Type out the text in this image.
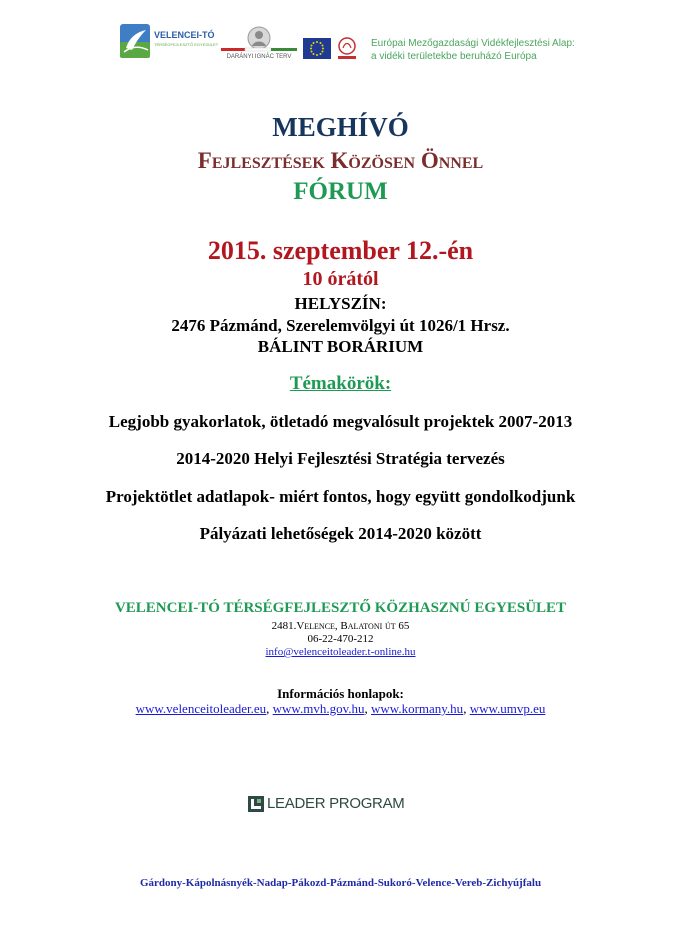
VELENCEI-TÓ
TÉRSÉGFEJLESZTŐ EGYESÜLET
DARÁNYI IGNÁC TERV
Európai Mezőgazdasági Vidékfejlesztési Alap:
a vidéki területekbe beruházó Európa
MEGHÍVÓ
Fejlesztések Közösen Önnel
FÓRUM
2015. szeptember 12.-én
10 órától
HELYSZÍN:
2476 Pázmánd, Szerelemvölgyi út 1026/1 Hrsz.
BÁLINT BORÁRIUM
Témakörök:
Legjobb gyakorlatok, ötletadó megvalósult projektek 2007-2013
2014-2020 Helyi Fejlesztési Stratégia tervezés
Projektötlet adatlapok- miért fontos, hogy együtt gondolkodjunk
Pályázati lehetőségek 2014-2020 között
VELENCEI-TÓ TÉRSÉGFEJLESZTŐ KÖZHASZNÚ EGYESÜLET
2481.Velence, Balatoni út 65
06-22-470-212
info@velenceitoleader.t-online.hu
Információs honlapok:
www.velenceitoleader.eu, www.mvh.gov.hu, www.kormany.hu, www.umvp.eu
LEADER PROGRAM
Gárdony-Kápolnásnyék-Nadap-Pákozd-Pázmánd-Sukoró-Velence-Vereb-Zichyújfalu
